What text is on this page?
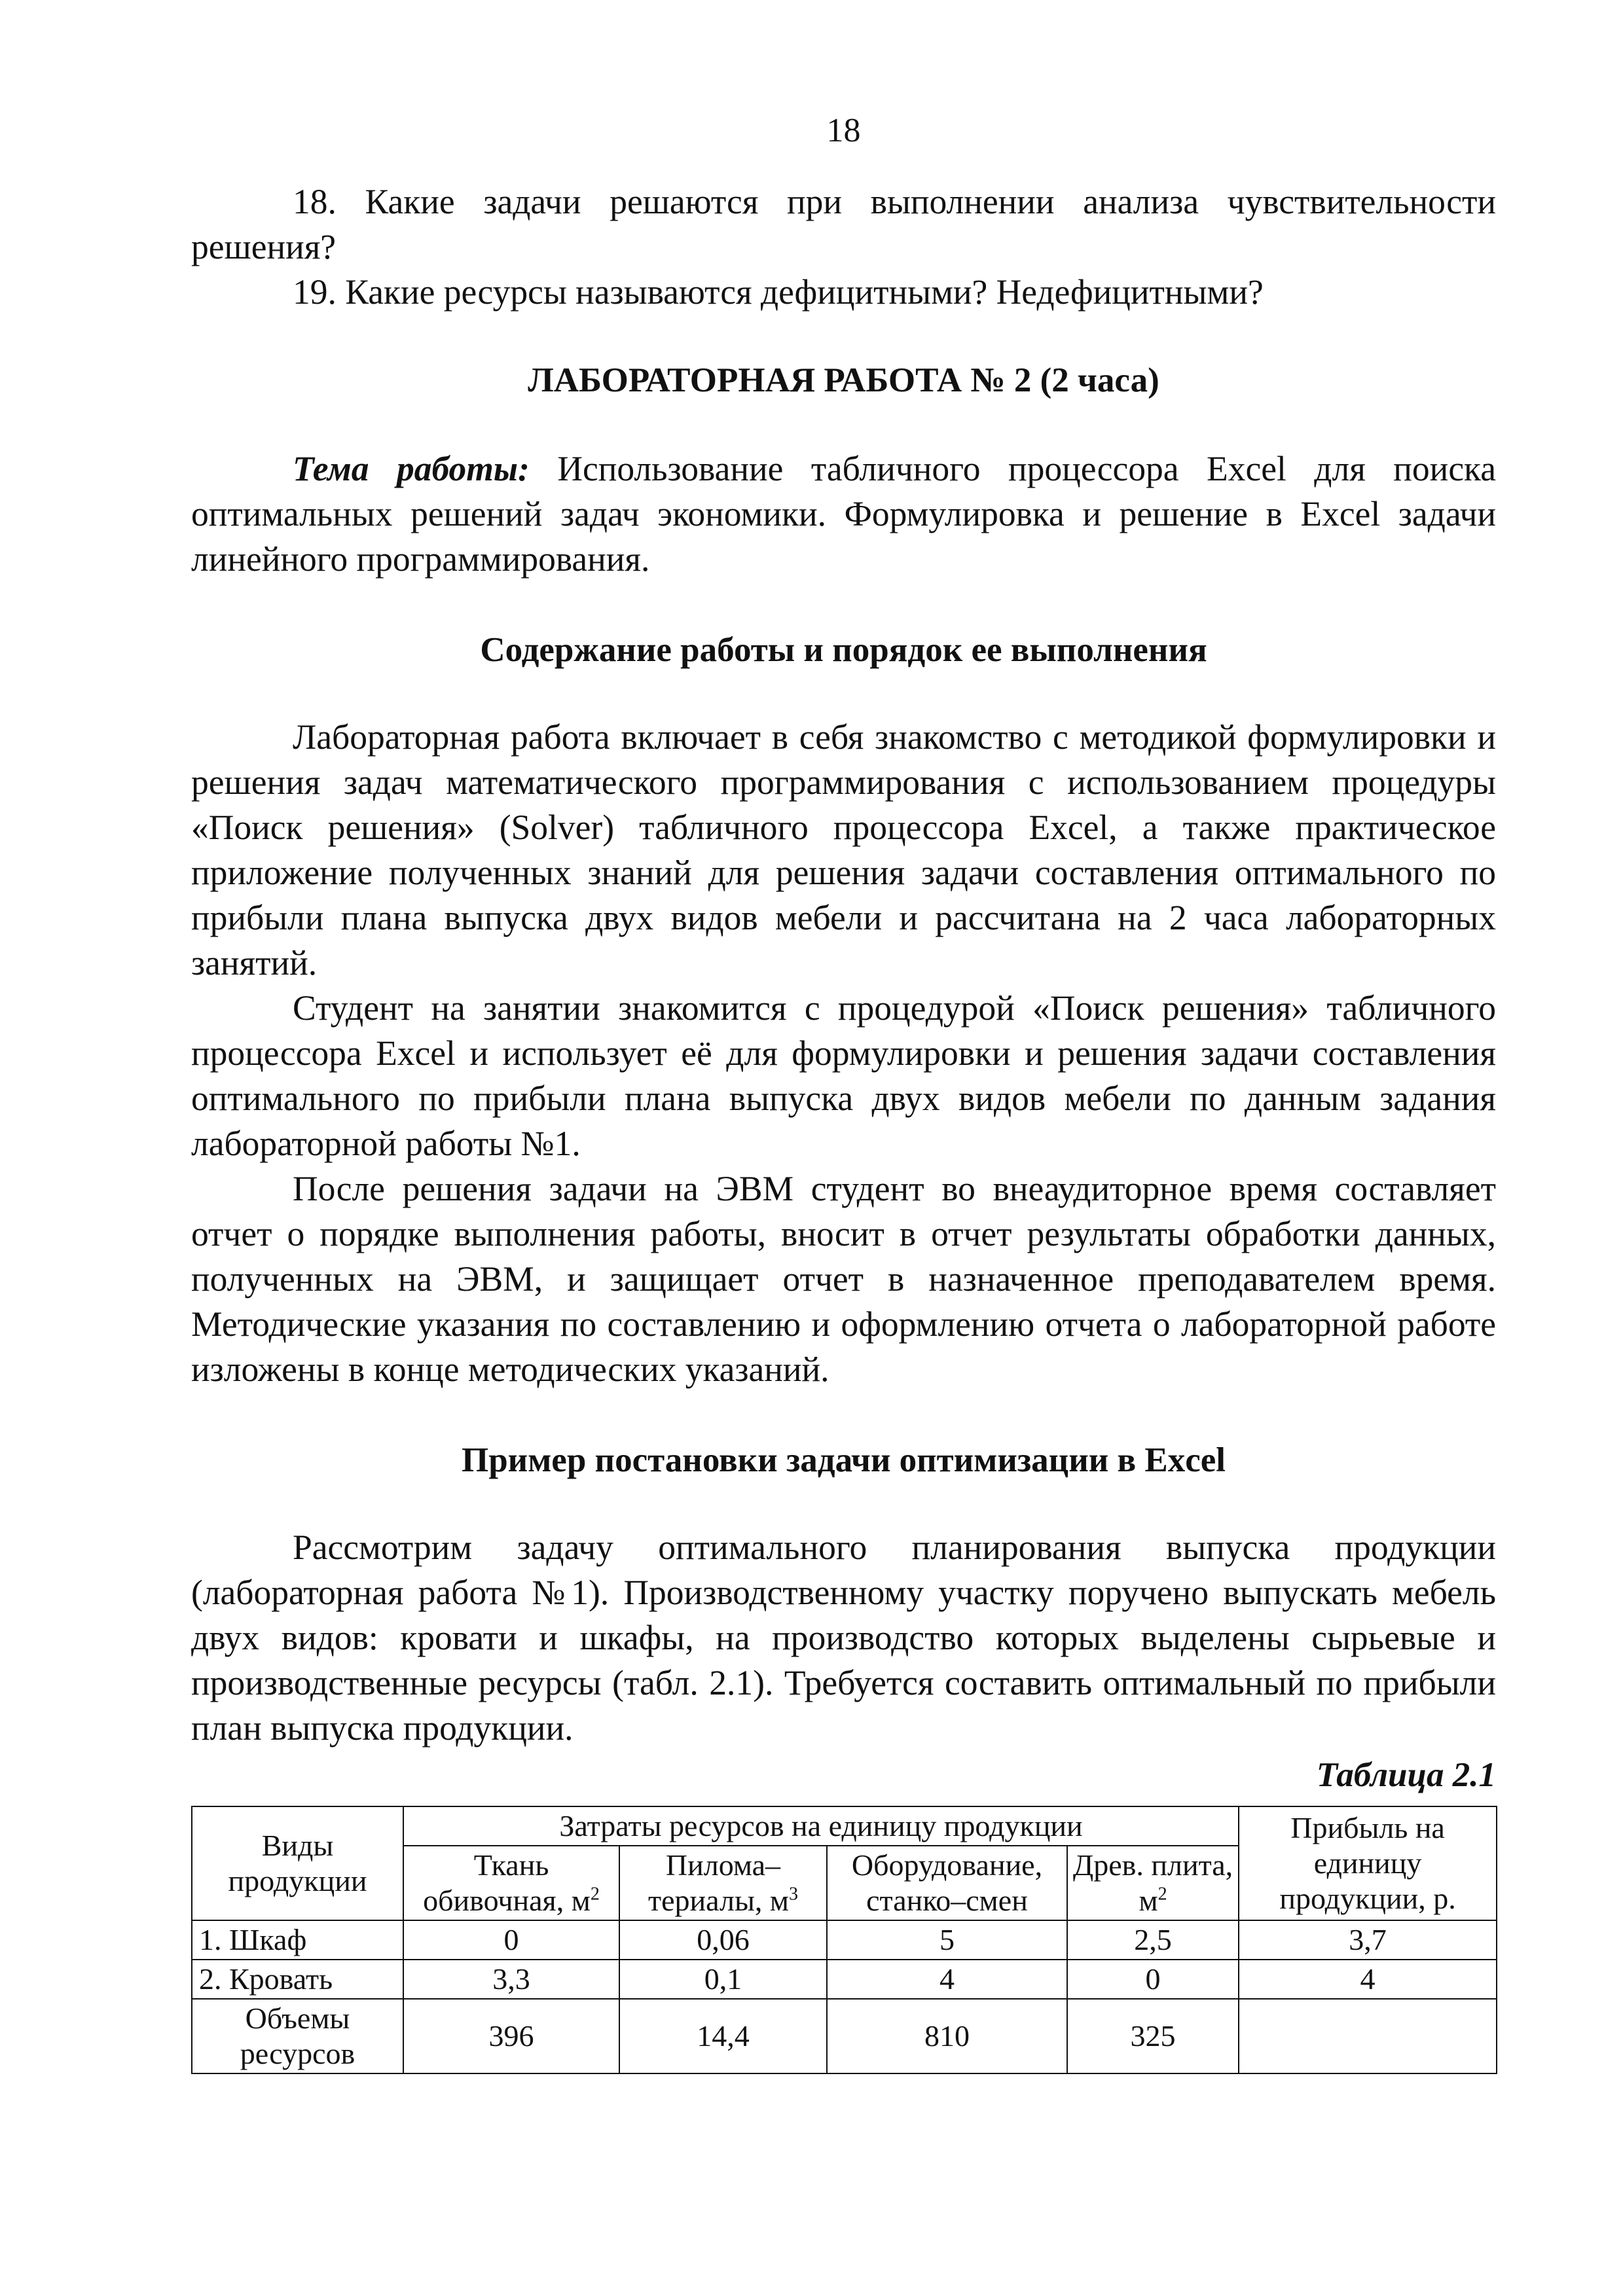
18

18. Какие задачи решаются при выполнении анализа чувствительности решения?

19. Какие ресурсы называются дефицитными? Недефицитными?

ЛАБОРАТОРНАЯ РАБОТА № 2 (2 часа)

Тема работы: Использование табличного процессора Excel для поиска оптимальных решений задач экономики. Формулировка и решение в Excel задачи линейного программирования.

Содержание работы и порядок ее выполнения

Лабораторная работа включает в себя знакомство с методикой формулировки и решения задач математического программирования с использованием процедуры «Поиск решения» (Solver) табличного процессора Excel, а также практическое приложение полученных знаний для решения задачи составления оптимального по прибыли плана выпуска двух видов мебели и рассчитана на 2 часа лабораторных занятий.

Студент на занятии знакомится с процедурой «Поиск решения» табличного процессора Excel и использует её для формулировки и решения задачи составления оптимального по прибыли плана выпуска двух видов мебели по данным задания лабораторной работы №1.

После решения задачи на ЭВМ студент во внеаудиторное время составляет отчет о порядке выполнения работы, вносит в отчет результаты обработки данных, полученных на ЭВМ, и защищает отчет в назначенное преподавателем время. Методические указания по составлению и оформлению отчета о лабораторной работе изложены в конце методических указаний.

Пример постановки задачи оптимизации в Excel

Рассмотрим задачу оптимального планирования выпуска продукции (лабораторная работа №1). Производственному участку поручено выпускать мебель двух видов: кровати и шкафы, на производство которых выделены сырьевые и производственные ресурсы (табл. 2.1). Требуется составить оптимальный по прибыли план выпуска продукции.

Таблица 2.1
Виды продукции	Затраты ресурсов на единицу продукции				Прибыль на единицу продукции, р.
	Ткань обивочная, $м^2$	Пилома– териалы, $м^3$	Оборудование, станко–смен	Древ. плита, $м^2$
1. Шкаф	0	0,06	5	2,5	3,7
2. Кровать	3,3	0,1	4	0	4
Объемы ресурсов	396	14,4	810	325	
